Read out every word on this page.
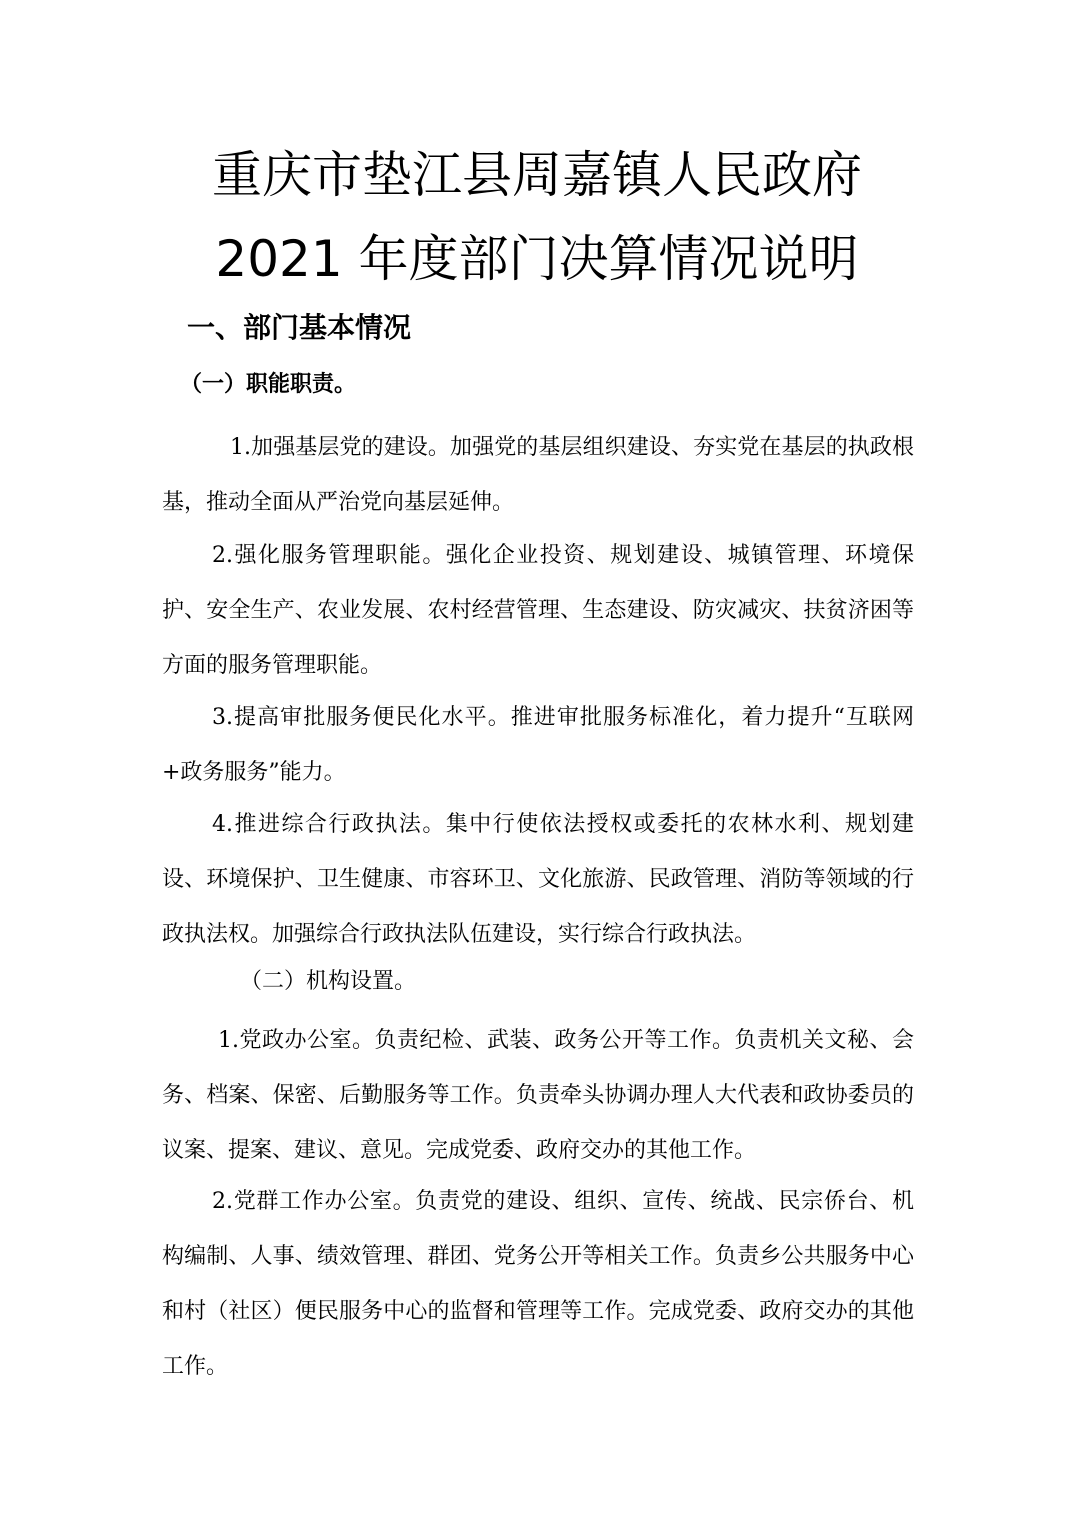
重庆市垫江县周嘉镇人民政府
2021 年度部门决算情况说明
一、部门基本情况
（一）职能职责。

1.加强基层党的建设。加强党的基层组织建设、夯实党在基层的执政根基，推动全面从严治党向基层延伸。

2.强化服务管理职能。强化企业投资、规划建设、城镇管理、环境保护、安全生产、农业发展、农村经营管理、生态建设、防灾减灾、扶贫济困等方面的服务管理职能。

3.提高审批服务便民化水平。推进审批服务标准化，着力提升“互联网+政务服务”能力。

4.推进综合行政执法。集中行使依法授权或委托的农林水利、规划建设、环境保护、卫生健康、市容环卫、文化旅游、民政管理、消防等领域的行政执法权。加强综合行政执法队伍建设，实行综合行政执法。

（二）机构设置。

1.党政办公室。负责纪检、武装、政务公开等工作。负责机关文秘、会务、档案、保密、后勤服务等工作。负责牵头协调办理人大代表和政协委员的议案、提案、建议、意见。完成党委、政府交办的其他工作。

2.党群工作办公室。负责党的建设、组织、宣传、统战、民宗侨台、机构编制、人事、绩效管理、群团、党务公开等相关工作。负责乡公共服务中心和村（社区）便民服务中心的监督和管理等工作。完成党委、政府交办的其他工作。
